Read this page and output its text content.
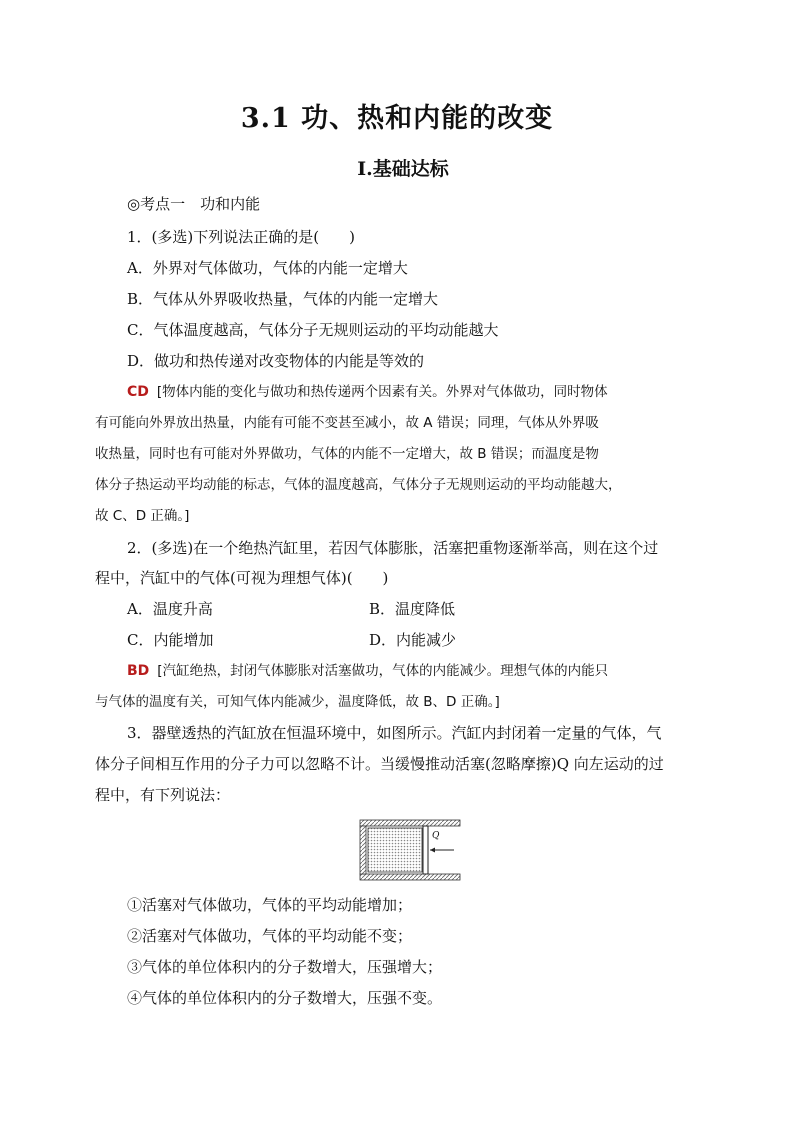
3.1 功、热和内能的改变
Ⅰ.基础达标
◎考点一　功和内能
1．(多选)下列说法正确的是(　　)
A．外界对气体做功，气体的内能一定增大
B．气体从外界吸收热量，气体的内能一定增大
C．气体温度越高，气体分子无规则运动的平均动能越大
D．做功和热传递对改变物体的内能是等效的
CD [物体内能的变化与做功和热传递两个因素有关。外界对气体做功，同时物体
有可能向外界放出热量，内能有可能不变甚至减小，故 A 错误；同理，气体从外界吸
收热量，同时也有可能对外界做功，气体的内能不一定增大，故 B 错误；而温度是物
体分子热运动平均动能的标志，气体的温度越高，气体分子无规则运动的平均动能越大，
故 C、D 正确。]
2．(多选)在一个绝热汽缸里，若因气体膨胀，活塞把重物逐渐举高，则在这个过
程中，汽缸中的气体(可视为理想气体)(　　)
A．温度升高	B．温度降低
C．内能增加	D．内能减少
BD [汽缸绝热，封闭气体膨胀对活塞做功，气体的内能减少。理想气体的内能只
与气体的温度有关，可知气体内能减少，温度降低，故 B、D 正确。]
3．器壁透热的汽缸放在恒温环境中，如图所示。汽缸内封闭着一定量的气体，气
体分子间相互作用的分子力可以忽略不计。当缓慢推动活塞(忽略摩擦)Q 向左运动的过
程中，有下列说法：
Q
①活塞对气体做功，气体的平均动能增加；
②活塞对气体做功，气体的平均动能不变；
③气体的单位体积内的分子数增大，压强增大；
④气体的单位体积内的分子数增大，压强不变。
